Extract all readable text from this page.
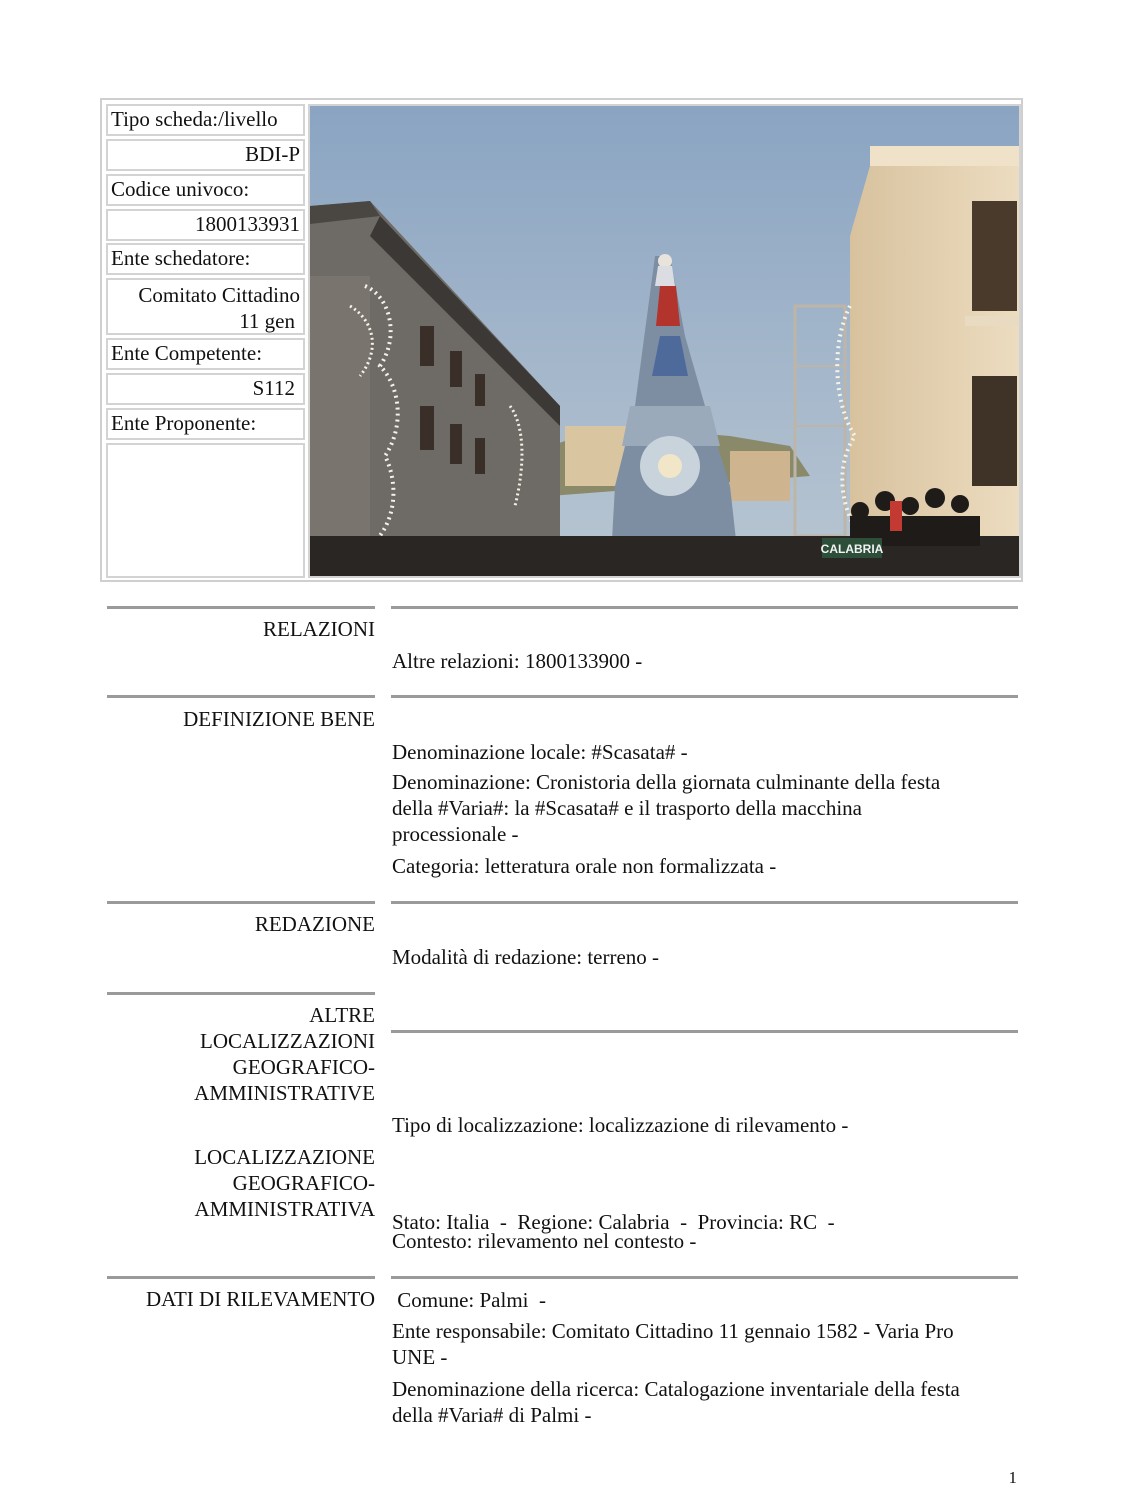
Tipo scheda:/livello
BDI-P
Codice univoco:
1800133931
Ente schedatore:
Comitato Cittadino
11 gen
Ente Competente:
S112
Ente Proponente:
CALABRIA
RELAZIONI
Altre relazioni: 1800133900 -
DEFINIZIONE BENE
Denominazione locale: #Scasata# -
Denominazione: Cronistoria della giornata culminante della festa
della #Varia#: la #Scasata# e il trasporto della macchina
processionale -
Categoria: letteratura orale non formalizzata -
REDAZIONE
Modalità di redazione: terreno -
ALTRE
LOCALIZZAZIONI
GEOGRAFICO-
AMMINISTRATIVE
Tipo di localizzazione: localizzazione di rilevamento -
LOCALIZZAZIONE
GEOGRAFICO-
AMMINISTRATIVA

Stato: Italia  -  Regione: Calabria  -  Provincia: RC  -

Comune: Palmi  -

Contesto: rilevamento nel contesto -
DATI DI RILEVAMENTO
Ente responsabile: Comitato Cittadino 11 gennaio 1582 - Varia Pro
UNE -
Denominazione della ricerca: Catalogazione inventariale della festa
della #Varia# di Palmi -
1
